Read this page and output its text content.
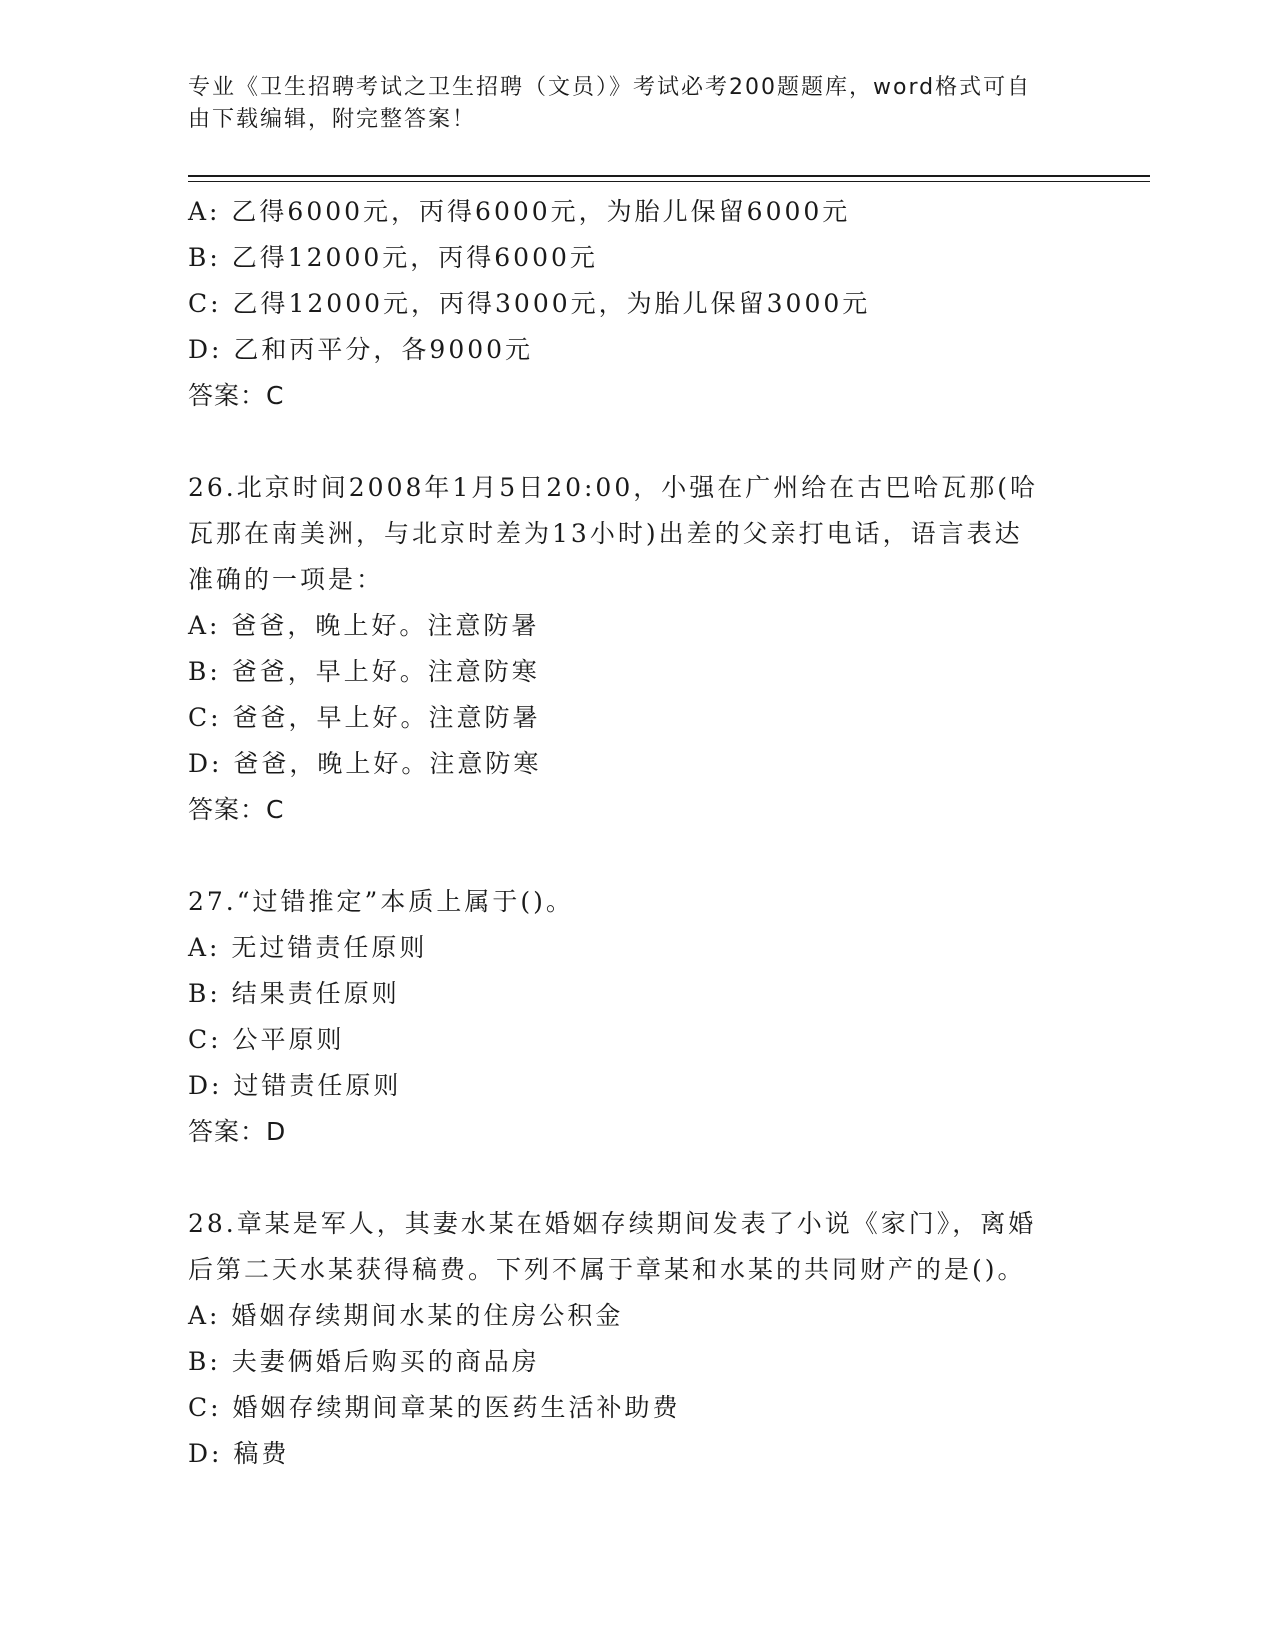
专业《卫生招聘考试之卫生招聘（文员）》考试必考200题题库，word格式可自
由下载编辑，附完整答案！
A: 乙得6000元，丙得6000元，为胎儿保留6000元
B: 乙得12000元，丙得6000元
C: 乙得12000元，丙得3000元，为胎儿保留3000元
D: 乙和丙平分，各9000元
答案：C
26.北京时间2008年1月5日20:00，小强在广州给在古巴哈瓦那(哈
瓦那在南美洲，与北京时差为13小时)出差的父亲打电话，语言表达
准确的一项是：
A: 爸爸，晚上好。注意防暑
B: 爸爸，早上好。注意防寒
C: 爸爸，早上好。注意防暑
D: 爸爸，晚上好。注意防寒
答案：C
27.“过错推定”本质上属于()。
A: 无过错责任原则
B: 结果责任原则
C: 公平原则
D: 过错责任原则
答案：D
28.章某是军人，其妻水某在婚姻存续期间发表了小说《家门》，离婚
后第二天水某获得稿费。下列不属于章某和水某的共同财产的是()。
A: 婚姻存续期间水某的住房公积金
B: 夫妻俩婚后购买的商品房
C: 婚姻存续期间章某的医药生活补助费
D: 稿费
